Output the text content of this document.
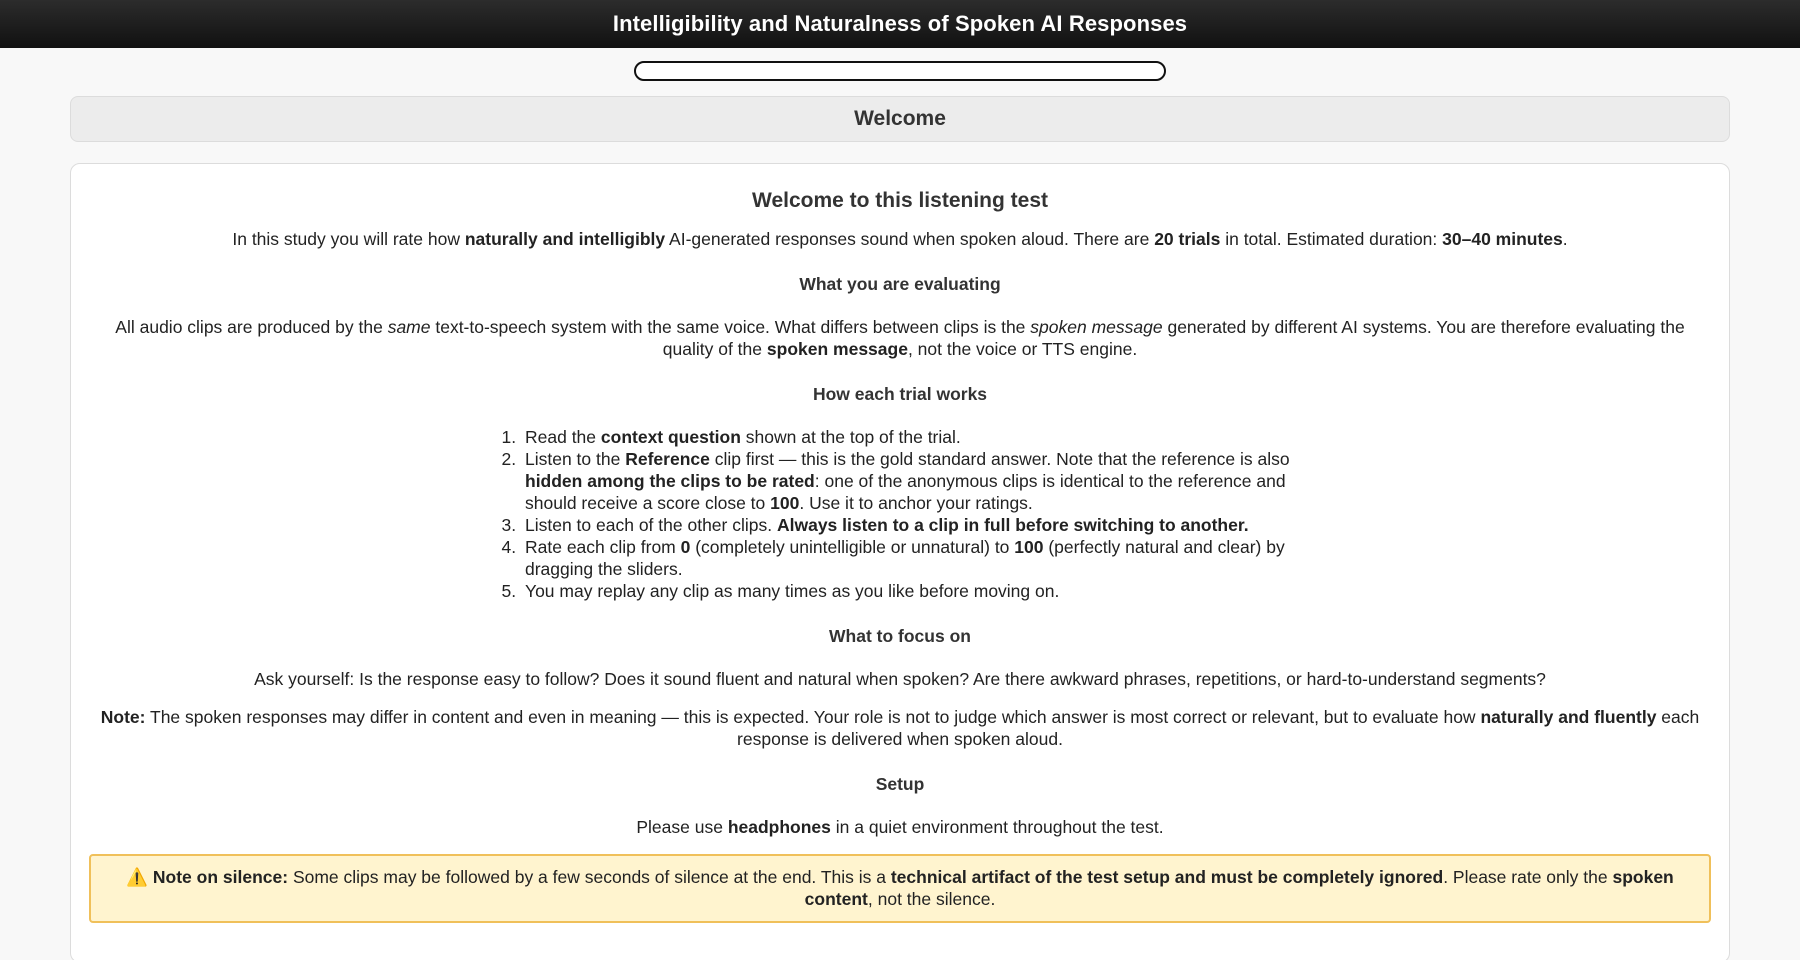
Intelligibility and Naturalness of Spoken AI Responses
Welcome
Welcome to this listening test

In this study you will rate how naturally and intelligibly AI-generated responses sound when spoken aloud. There are 20 trials in total. Estimated duration: 30–40 minutes.

What you are evaluating

All audio clips are produced by the same text-to-speech system with the same voice. What differs between clips is the spoken message generated by different AI systems. You are therefore evaluating the quality of the spoken message, not the voice or TTS engine.

How each trial works
1. Read the context question shown at the top of the trial.
2. Listen to the Reference clip first — this is the gold standard answer. Note that the reference is also hidden among the clips to be rated: one of the anonymous clips is identical to the reference and should receive a score close to 100. Use it to anchor your ratings.
3. Listen to each of the other clips. Always listen to a clip in full before switching to another.
4. Rate each clip from 0 (completely unintelligible or unnatural) to 100 (perfectly natural and clear) by dragging the sliders.
5. You may replay any clip as many times as you like before moving on.
What to focus on

Ask yourself: Is the response easy to follow? Does it sound fluent and natural when spoken? Are there awkward phrases, repetitions, or hard-to-understand segments?

Note: The spoken responses may differ in content and even in meaning — this is expected. Your role is not to judge which answer is most correct or relevant, but to evaluate how naturally and fluently each response is delivered when spoken aloud.

Setup

Please use headphones in a quiet environment throughout the test.

⚠️ Note on silence: Some clips may be followed by a few seconds of silence at the end. This is a technical artifact of the test setup and must be completely ignored. Please rate only the spoken content, not the silence.
